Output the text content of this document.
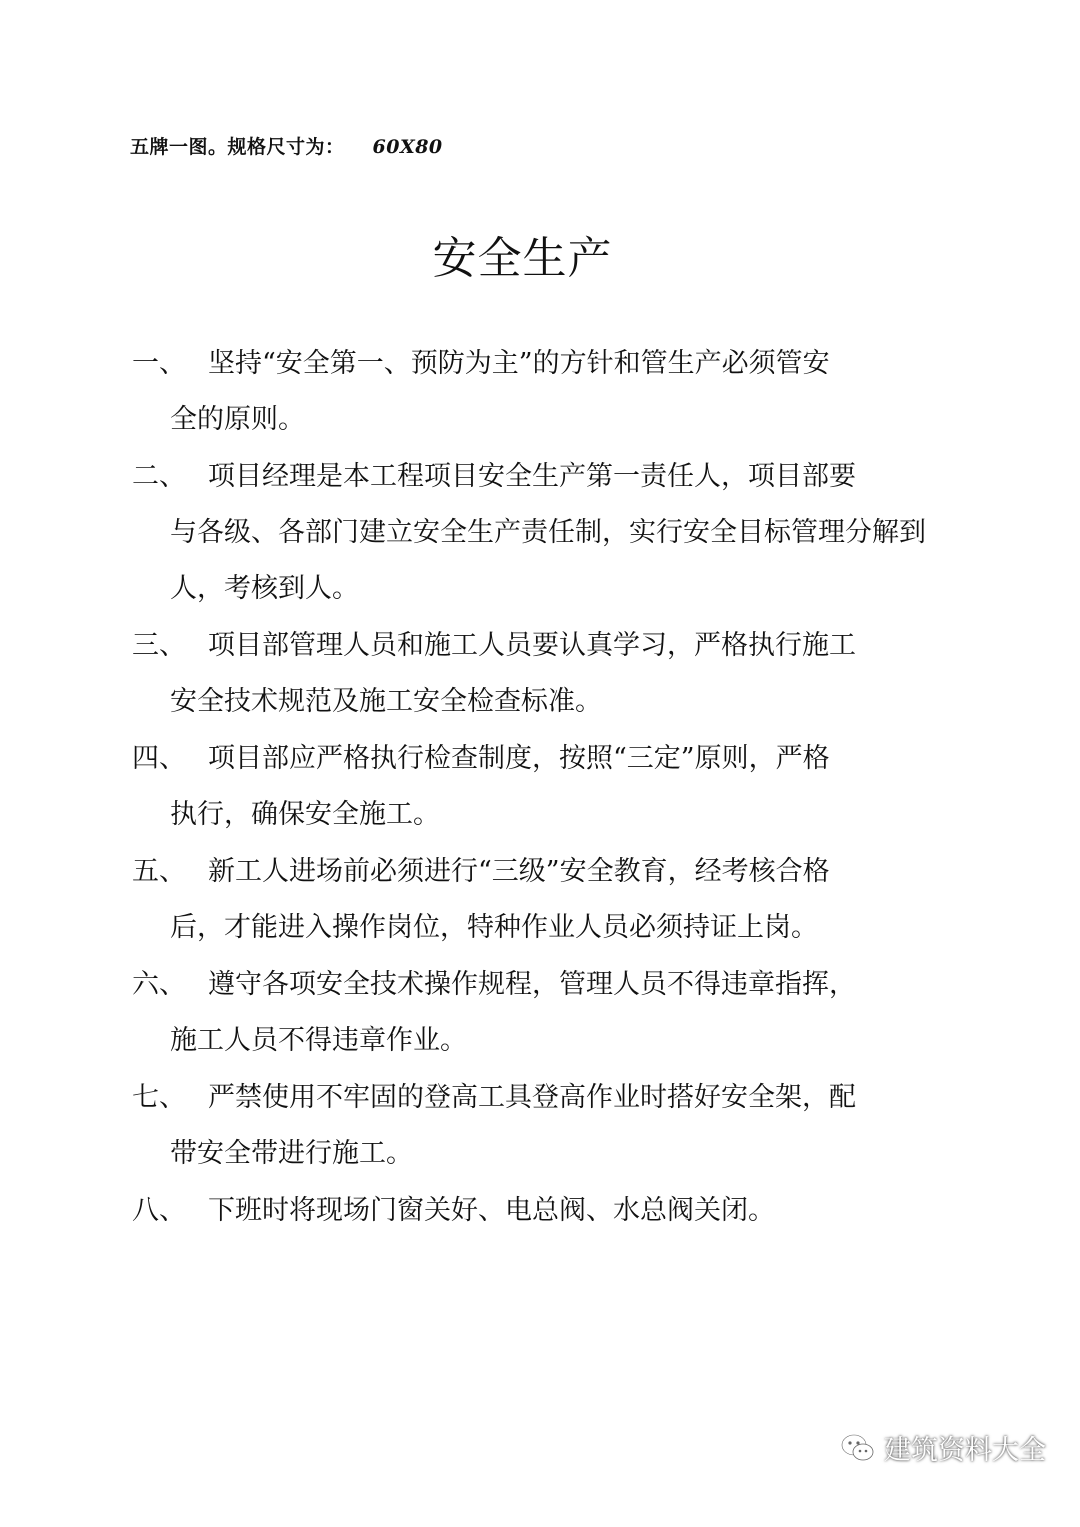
五牌一图。规格尺寸为： 60X80
安全生产
一、 坚持“安全第一、预防为主”的方针和管生产必须管安
全的原则。
二、 项目经理是本工程项目安全生产第一责任人，项目部要
与各级、各部门建立安全生产责任制，实行安全目标管理分解到人，考核到人。
三、 项目部管理人员和施工人员要认真学习，严格执行施工
安全技术规范及施工安全检查标准。
四、 项目部应严格执行检查制度，按照“三定”原则，严格
执行，确保安全施工。
五、 新工人进场前必须进行“三级”安全教育，经考核合格
后，才能进入操作岗位，特种作业人员必须持证上岗。
六、 遵守各项安全技术操作规程，管理人员不得违章指挥，
施工人员不得违章作业。
七、 严禁使用不牢固的登高工具登高作业时搭好安全架，配
带安全带进行施工。
八、 下班时将现场门窗关好、电总阀、水总阀关闭。
建筑资料大全
